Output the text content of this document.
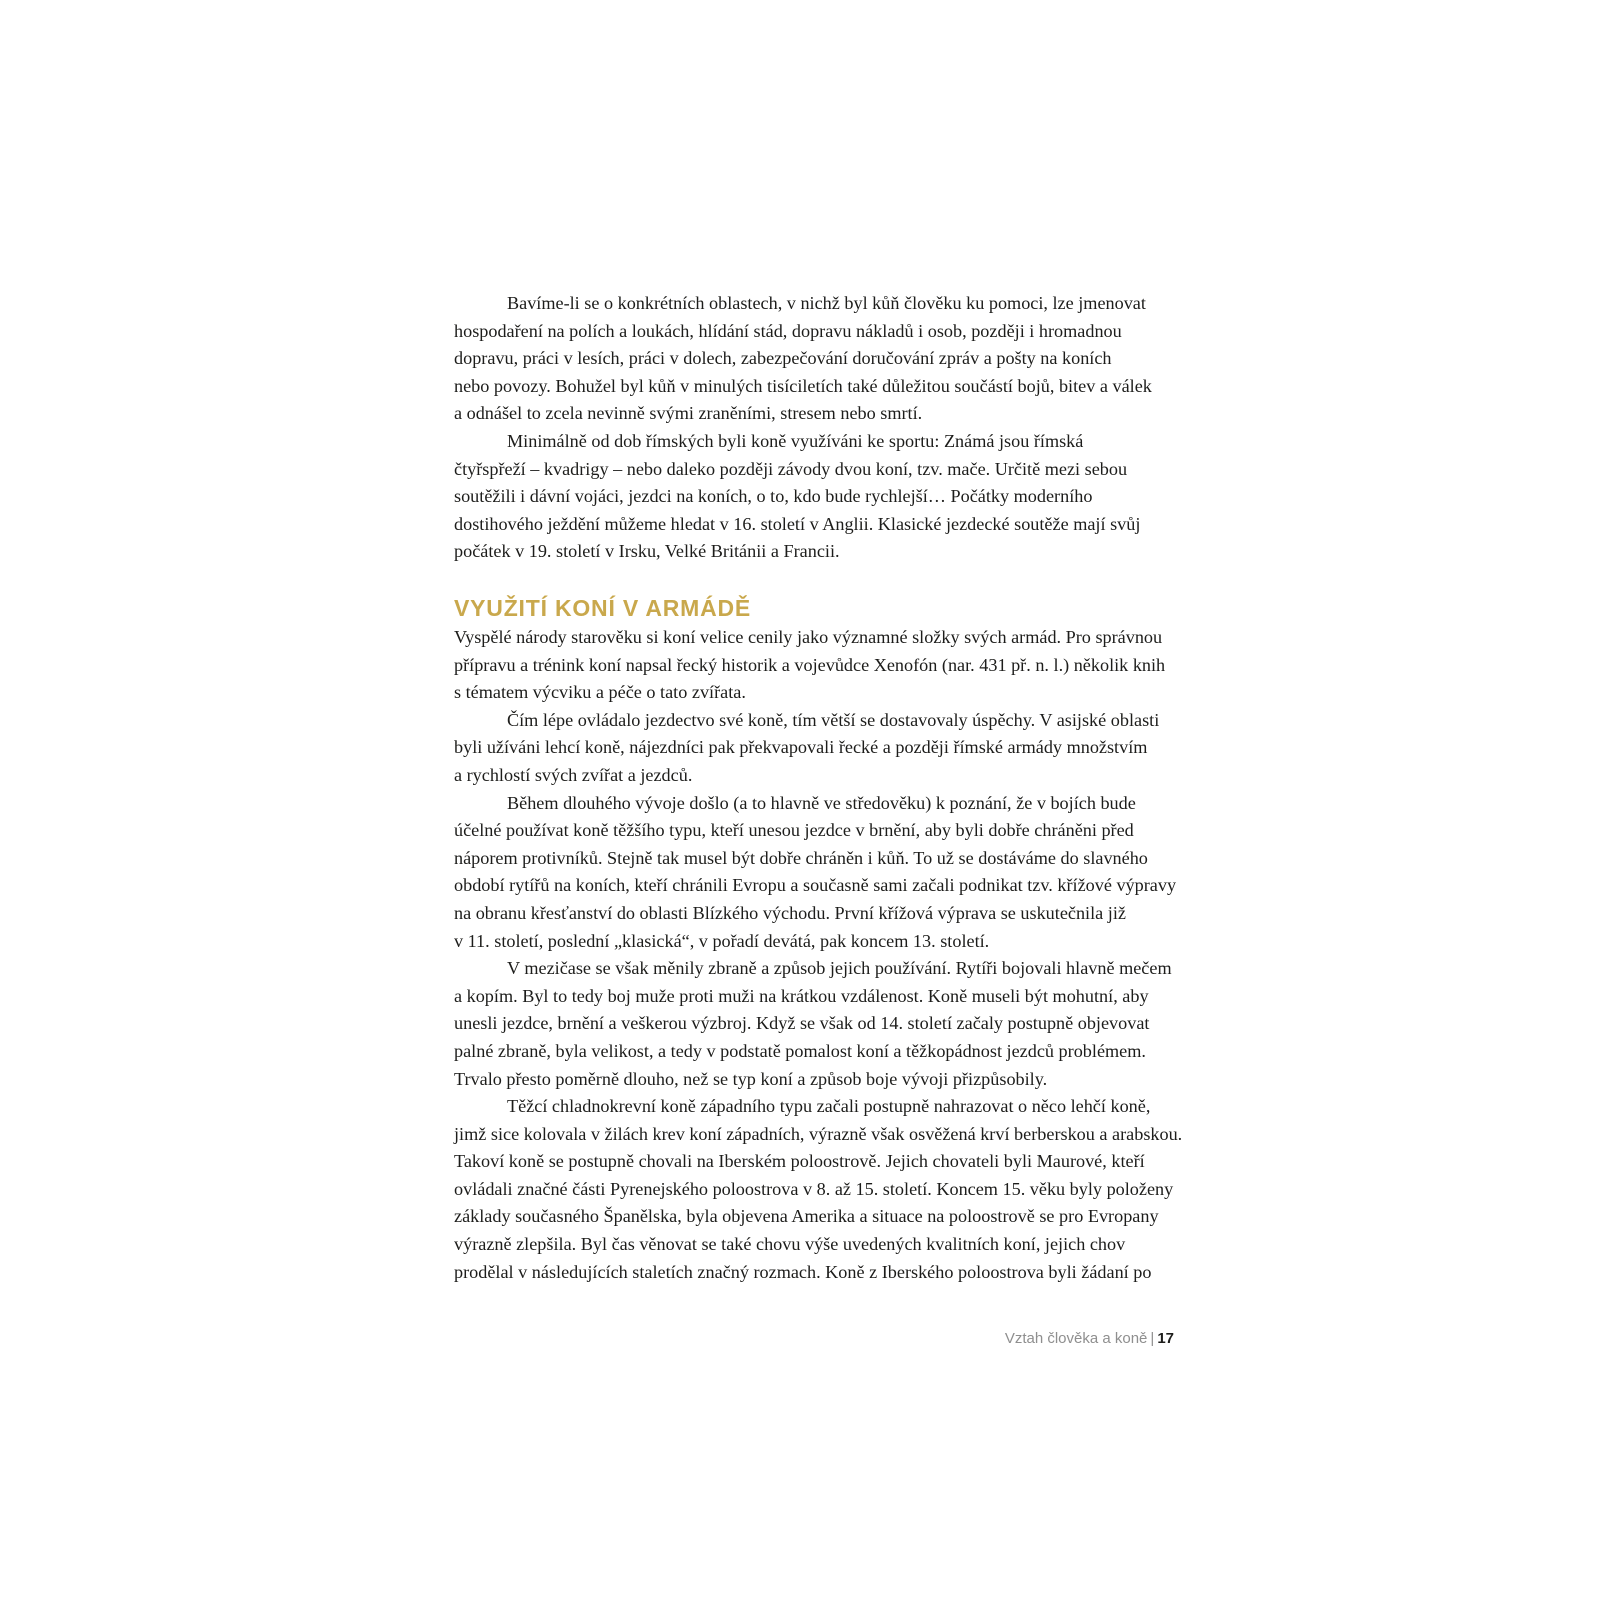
Bavíme-li se o konkrétních oblastech, v nichž byl kůň člověku ku pomoci, lze jmenovat
hospodaření na polích a loukách, hlídání stád, dopravu nákladů i osob, později i hromadnou
dopravu, práci v lesích, práci v dolech, zabezpečování doručování zpráv a pošty na koních
nebo povozy. Bohužel byl kůň v minulých tisíciletích také důležitou součástí bojů, bitev a válek
a odnášel to zcela nevinně svými zraněními, stresem nebo smrtí.

Minimálně od dob římských byli koně využíváni ke sportu: Známá jsou římská
čtyřspřeží – kvadrigy – nebo daleko později závody dvou koní, tzv. mače. Určitě mezi sebou
soutěžili i dávní vojáci, jezdci na koních, o to, kdo bude rychlejší… Počátky moderního
dostihového ježdění můžeme hledat v 16. století v Anglii. Klasické jezdecké soutěže mají svůj
počátek v 19. století v Irsku, Velké Británii a Francii.

VYUŽITÍ KONÍ V ARMÁDĚ

Vyspělé národy starověku si koní velice cenily jako významné složky svých armád. Pro správnou
přípravu a trénink koní napsal řecký historik a vojevůdce Xenofón (nar. 431 př. n. l.) několik knih
s tématem výcviku a péče o tato zvířata.

Čím lépe ovládalo jezdectvo své koně, tím větší se dostavovaly úspěchy. V asijské oblasti
byli užíváni lehcí koně, nájezdníci pak překvapovali řecké a později římské armády množstvím
a rychlostí svých zvířat a jezdců.

Během dlouhého vývoje došlo (a to hlavně ve středověku) k poznání, že v bojích bude
účelné používat koně těžšího typu, kteří unesou jezdce v brnění, aby byli dobře chráněni před
náporem protivníků. Stejně tak musel být dobře chráněn i kůň. To už se dostáváme do slavného
období rytířů na koních, kteří chránili Evropu a současně sami začali podnikat tzv. křížové výpravy
na obranu křesťanství do oblasti Blízkého východu. První křížová výprava se uskutečnila již
v 11. století, poslední „klasická“, v pořadí devátá, pak koncem 13. století.

V mezičase se však měnily zbraně a způsob jejich používání. Rytíři bojovali hlavně mečem
a kopím. Byl to tedy boj muže proti muži na krátkou vzdálenost. Koně museli být mohutní, aby
unesli jezdce, brnění a veškerou výzbroj. Když se však od 14. století začaly postupně objevovat
palné zbraně, byla velikost, a tedy v podstatě pomalost koní a těžkopádnost jezdců problémem.
Trvalo přesto poměrně dlouho, než se typ koní a způsob boje vývoji přizpůsobily.

Těžcí chladnokrevní koně západního typu začali postupně nahrazovat o něco lehčí koně,
jimž sice kolovala v žilách krev koní západních, výrazně však osvěžená krví berberskou a arabskou.
Takoví koně se postupně chovali na Iberském poloostrově. Jejich chovateli byli Maurové, kteří
ovládali značné části Pyrenejského poloostrova v 8. až 15. století. Koncem 15. věku byly položeny
základy současného Španělska, byla objevena Amerika a situace na poloostrově se pro Evropany
výrazně zlepšila. Byl čas věnovat se také chovu výše uvedených kvalitních koní, jejich chov
prodělal v následujících staletích značný rozmach. Koně z Iberského poloostrova byli žádaní po

Vztah člověka a koně | 17
